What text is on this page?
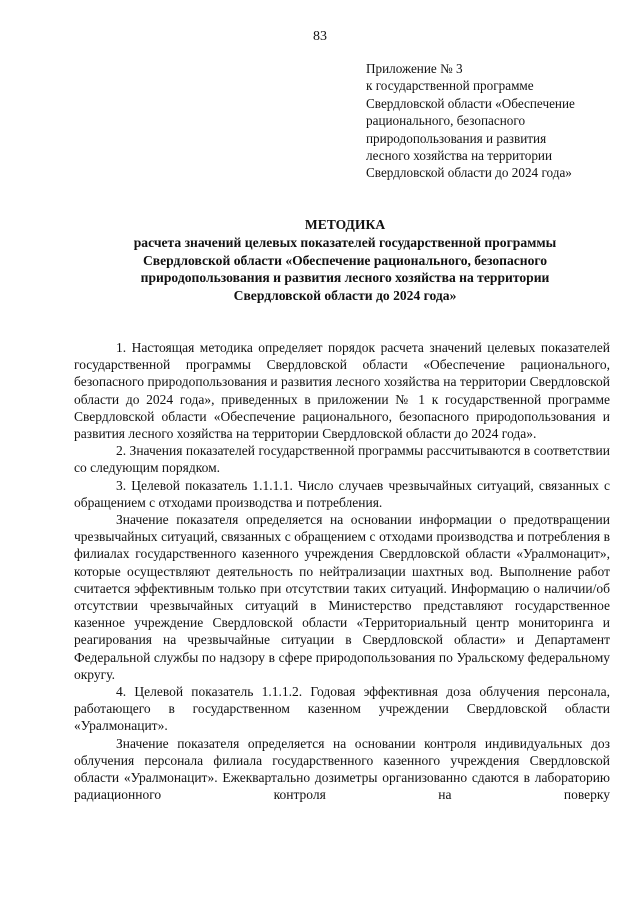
83
Приложение № 3
к государственной программе
Свердловской области «Обеспечение
рационального, безопасного
природопользования и развития
лесного хозяйства на территории
Свердловской области до 2024 года»
МЕТОДИКА
расчета значений целевых показателей государственной программы
Свердловской области «Обеспечение рационального, безопасного
природопользования и развития лесного хозяйства на территории
Свердловской области до 2024 года»

1. Настоящая методика определяет порядок расчета значений целевых показателей государственной программы Свердловской области «Обеспечение рационального, безопасного природопользования и развития лесного хозяйства на территории Свердловской области до 2024 года», приведенных в приложении № 1 к государственной программе Свердловской области «Обеспечение рационального, безопасного природопользования и развития лесного хозяйства на территории Свердловской области до 2024 года».

2. Значения показателей государственной программы рассчитываются в соответствии со следующим порядком.

3. Целевой показатель 1.1.1.1. Число случаев чрезвычайных ситуаций, связанных с обращением с отходами производства и потребления.

Значение показателя определяется на основании информации о предотвращении чрезвычайных ситуаций, связанных с обращением с отходами производства и потребления в филиалах государственного казенного учреждения Свердловской области «Уралмонацит», которые осуществляют деятельность по нейтрализации шахтных вод. Выполнение работ считается эффективным только при отсутствии таких ситуаций. Информацию о наличии/об отсутствии чрезвычайных ситуаций в Министерство представляют государственное казенное учреждение Свердловской области «Территориальный центр мониторинга и реагирования на чрезвычайные ситуации в Свердловской области» и Департамент Федеральной службы по надзору в сфере природопользования по Уральскому федеральному округу.

4. Целевой показатель 1.1.1.2. Годовая эффективная доза облучения персонала, работающего в государственном казенном учреждении Свердловской области «Уралмонацит».

Значение показателя определяется на основании контроля индивидуальных доз облучения персонала филиала государственного казенного учреждения Свердловской области «Уралмонацит». Ежеквартально дозиметры организованно сдаются в лабораторию радиационного контроля на поверку
